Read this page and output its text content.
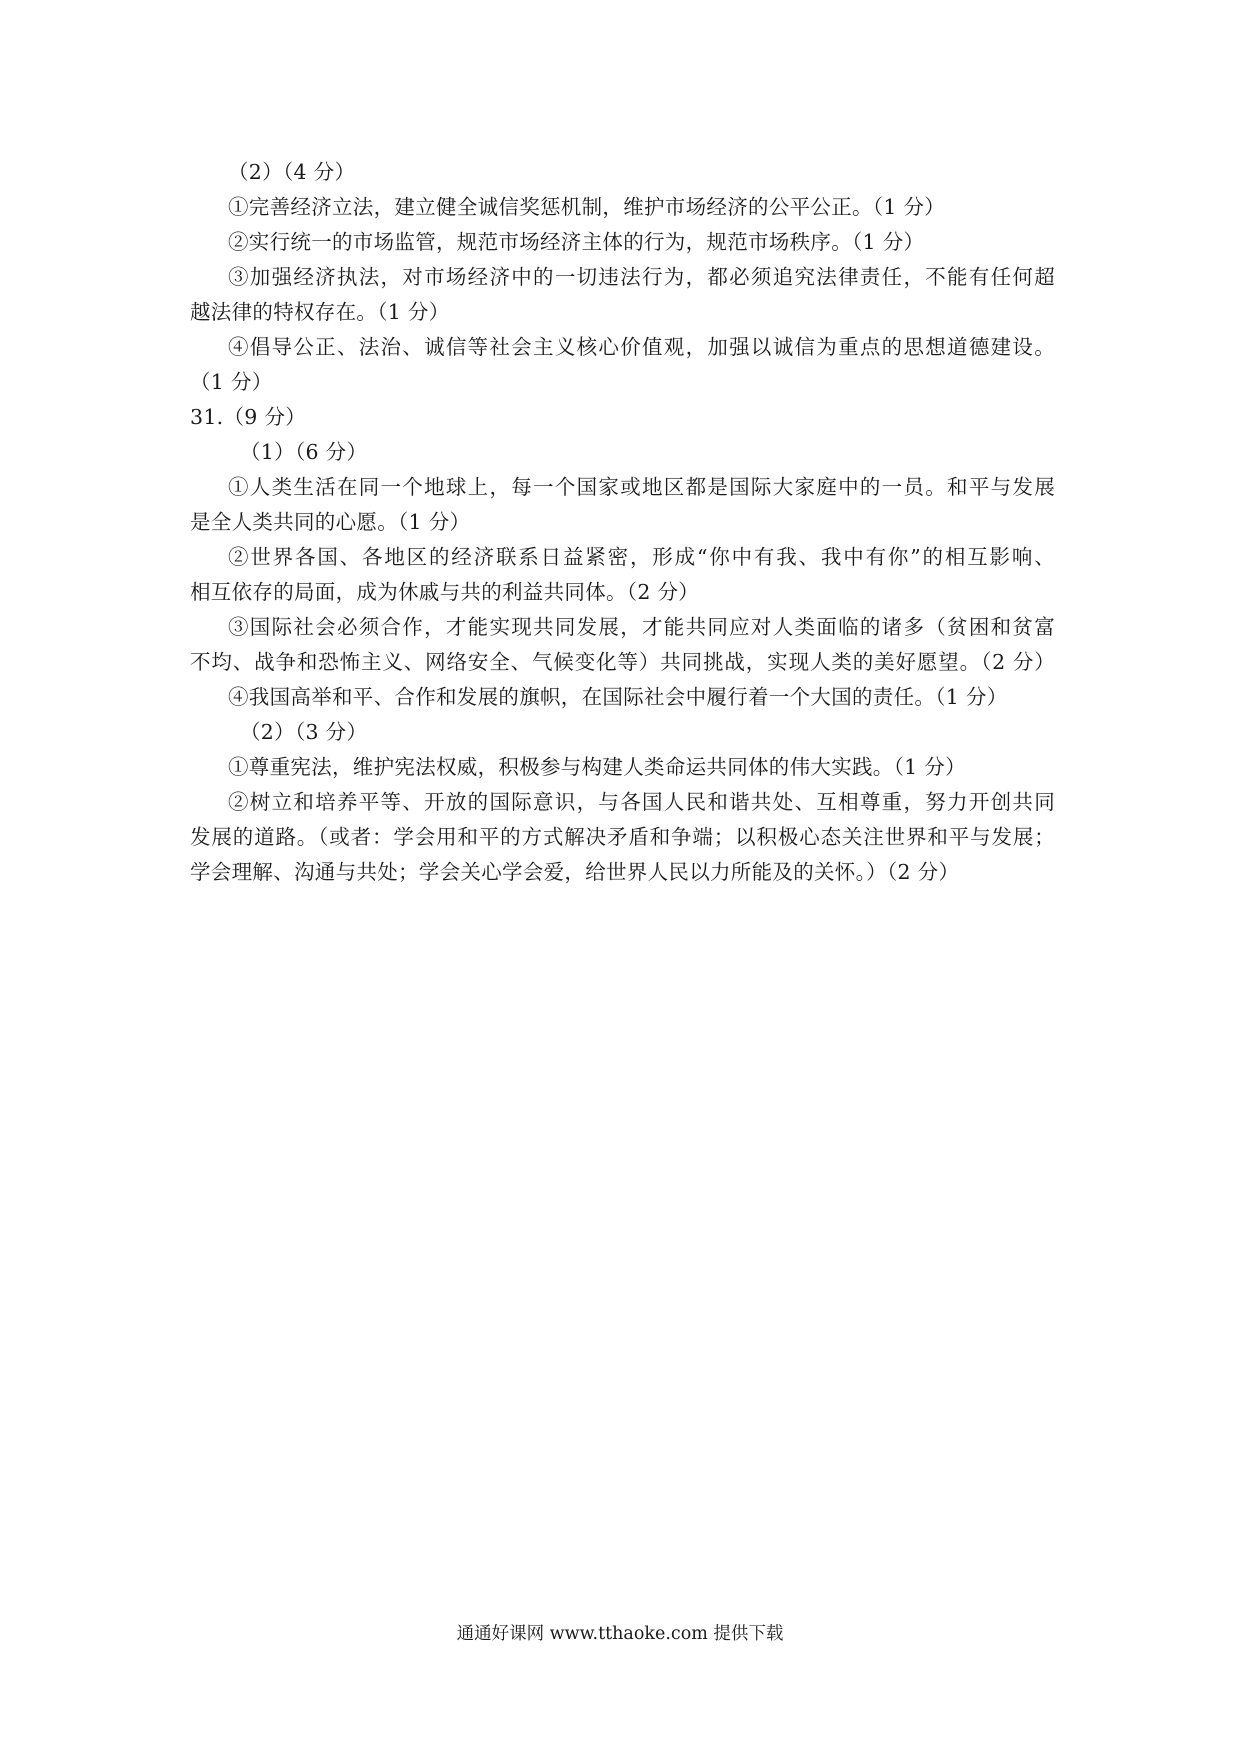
（2）（4 分）
①完善经济立法，建立健全诚信奖惩机制，维护市场经济的公平公正。（1 分）
②实行统一的市场监管，规范市场经济主体的行为，规范市场秩序。（1 分）
③加强经济执法，对市场经济中的一切违法行为，都必须追究法律责任，不能有任何超
越法律的特权存在。（1 分）
④倡导公正、法治、诚信等社会主义核心价值观，加强以诚信为重点的思想道德建设。
（1 分）
31.（9 分）
（1）（6 分）
①人类生活在同一个地球上，每一个国家或地区都是国际大家庭中的一员。和平与发展
是全人类共同的心愿。（1 分）
②世界各国、各地区的经济联系日益紧密，形成“你中有我、我中有你”的相互影响、
相互依存的局面，成为休戚与共的利益共同体。（2 分）
③国际社会必须合作，才能实现共同发展，才能共同应对人类面临的诸多（贫困和贫富
不均、战争和恐怖主义、网络安全、气候变化等）共同挑战，实现人类的美好愿望。（2 分）
④我国高举和平、合作和发展的旗帜，在国际社会中履行着一个大国的责任。（1 分）
（2）（3 分）
①尊重宪法，维护宪法权威，积极参与构建人类命运共同体的伟大实践。（1 分）
②树立和培养平等、开放的国际意识，与各国人民和谐共处、互相尊重，努力开创共同
发展的道路。（或者：学会用和平的方式解决矛盾和争端；以积极心态关注世界和平与发展；
学会理解、沟通与共处；学会关心学会爱，给世界人民以力所能及的关怀。）（2 分）
通通好课网 www.tthaoke.com 提供下载
